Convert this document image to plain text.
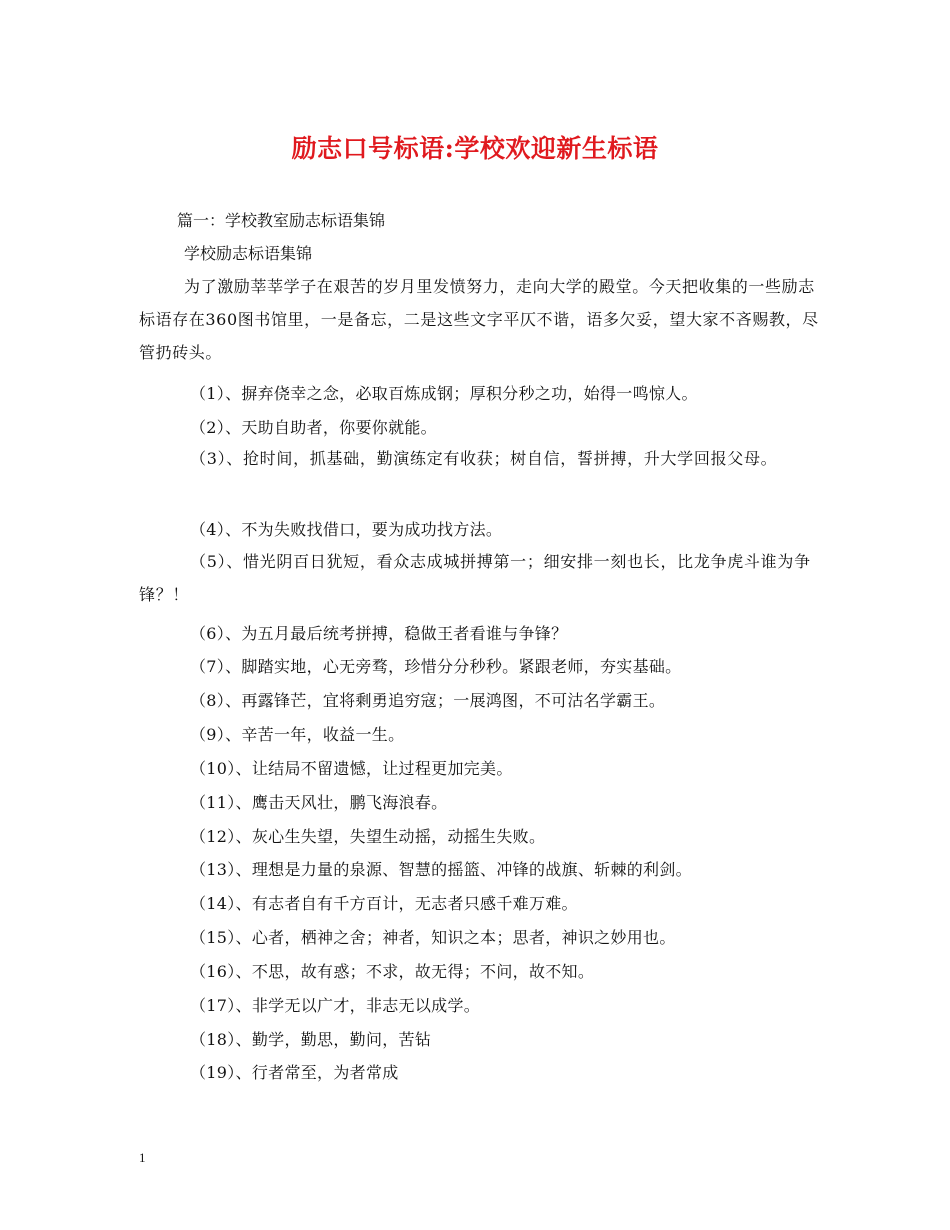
励志口号标语:学校欢迎新生标语
篇一：学校教室励志标语集锦
学校励志标语集锦
为了激励莘莘学子在艰苦的岁月里发愤努力，走向大学的殿堂。今天把收集的一些励志标语存在360图书馆里，一是备忘，二是这些文字平仄不谐，语多欠妥，望大家不吝赐教，尽管扔砖头。
（1）、摒弃侥幸之念，必取百炼成钢；厚积分秒之功，始得一鸣惊人。
（2）、天助自助者，你要你就能。
（3）、抢时间，抓基础，勤演练定有收获；树自信，誓拼搏，升大学回报父母。
（4）、不为失败找借口，要为成功找方法。
（5）、惜光阴百日犹短，看众志成城拼搏第一；细安排一刻也长，比龙争虎斗谁为争锋？！
（6）、为五月最后统考拼搏，稳做王者看谁与争锋？
（7）、脚踏实地，心无旁骛，珍惜分分秒秒。紧跟老师，夯实基础。
（8）、再露锋芒，宜将剩勇追穷寇；一展鸿图，不可沽名学霸王。
（9）、辛苦一年，收益一生。
（10）、让结局不留遗憾，让过程更加完美。
（11）、鹰击天风壮，鹏飞海浪春。
（12）、灰心生失望，失望生动摇，动摇生失败。
（13）、理想是力量的泉源、智慧的摇篮、冲锋的战旗、斩棘的利剑。
（14）、有志者自有千方百计，无志者只感千难万难。
（15）、心者，栖神之舍；神者，知识之本；思者，神识之妙用也。
（16）、不思，故有惑；不求，故无得；不问，故不知。
（17）、非学无以广才，非志无以成学。
（18）、勤学，勤思，勤问，苦钻
（19）、行者常至，为者常成
1
